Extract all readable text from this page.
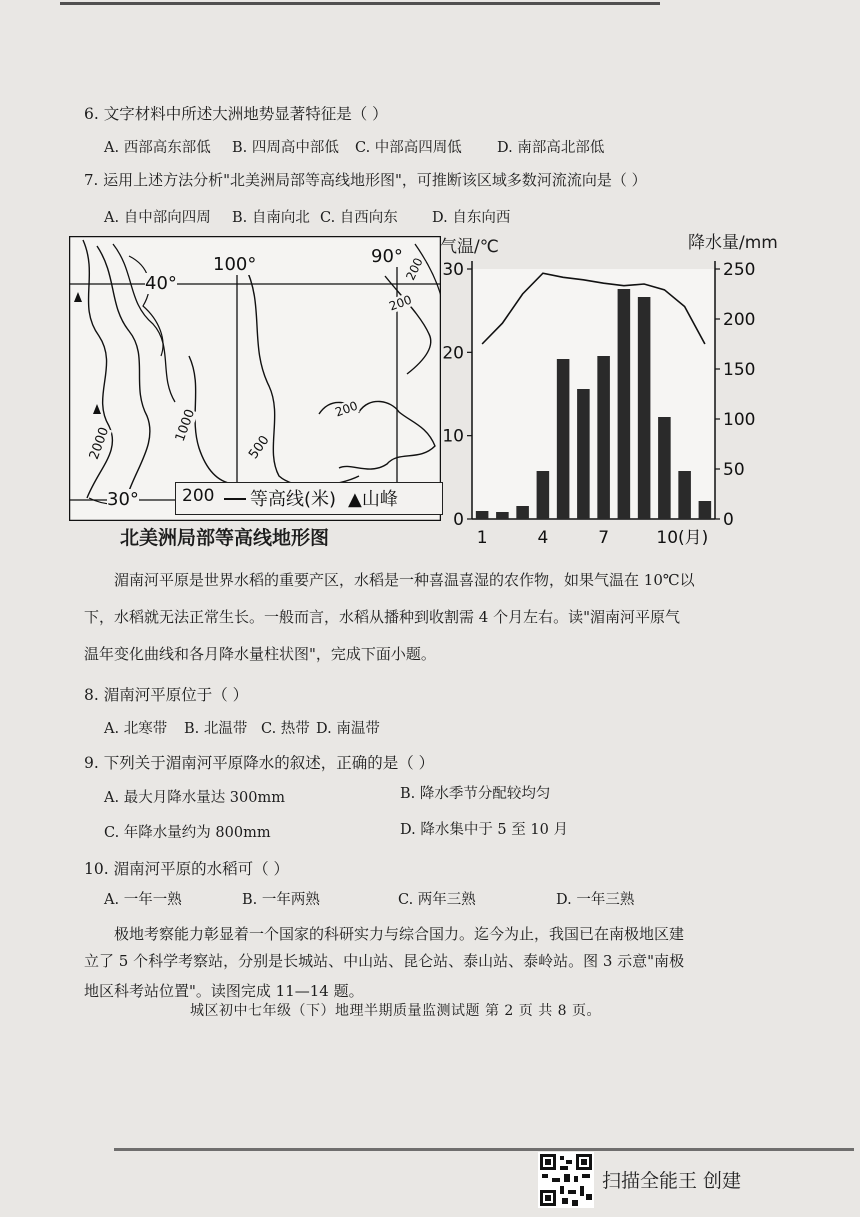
6. 文字材料中所述大洲地势显著特征是（ ）
A. 西部高东部低 B. 四周高中部低 C. 中部高四周低 D. 南部高北部低
7. 运用上述方法分析"北美洲局部等高线地形图"，可推断该区域多数河流流向是（ ）
A. 自中部向四周 B. 自南向北 C. 自西向东 D. 自东向西
40°
30°
100°	90°
2000	1000
500
200
200
200
200 等高线(米) ▲山峰
北美洲局部等高线地形图
0
10
20
30
0
50
100
150
200
250
1	4	7	10(月)
气温/℃	降水量/mm
湄南河平原是世界水稻的重要产区，水稻是一种喜温喜湿的农作物，如果气温在 10℃以

下，水稻就无法正常生长。一般而言，水稻从播种到收割需 4 个月左右。读"湄南河平原气
温年变化曲线和各月降水量柱状图"，完成下面小题。
8. 湄南河平原位于（ ）
A. 北寒带 B. 北温带 C. 热带 D. 南温带
9. 下列关于湄南河平原降水的叙述，正确的是（ ）
A. 最大月降水量达 300mm	B. 降水季节分配较均匀
C. 年降水量约为 800mm	D. 降水集中于 5 至 10 月
10. 湄南河平原的水稻可（ ）
A. 一年一熟	B. 一年两熟	C. 两年三熟	D. 一年三熟
极地考察能力彰显着一个国家的科研实力与综合国力。迄今为止，我国已在南极地区建
立了 5 个科学考察站，分别是长城站、中山站、昆仑站、泰山站、泰岭站。图 3 示意"南极
地区科考站位置"。读图完成 11—14 题。
城区初中七年级（下）地理半期质量监测试题 第 2 页 共 8 页。
扫描全能王 创建
